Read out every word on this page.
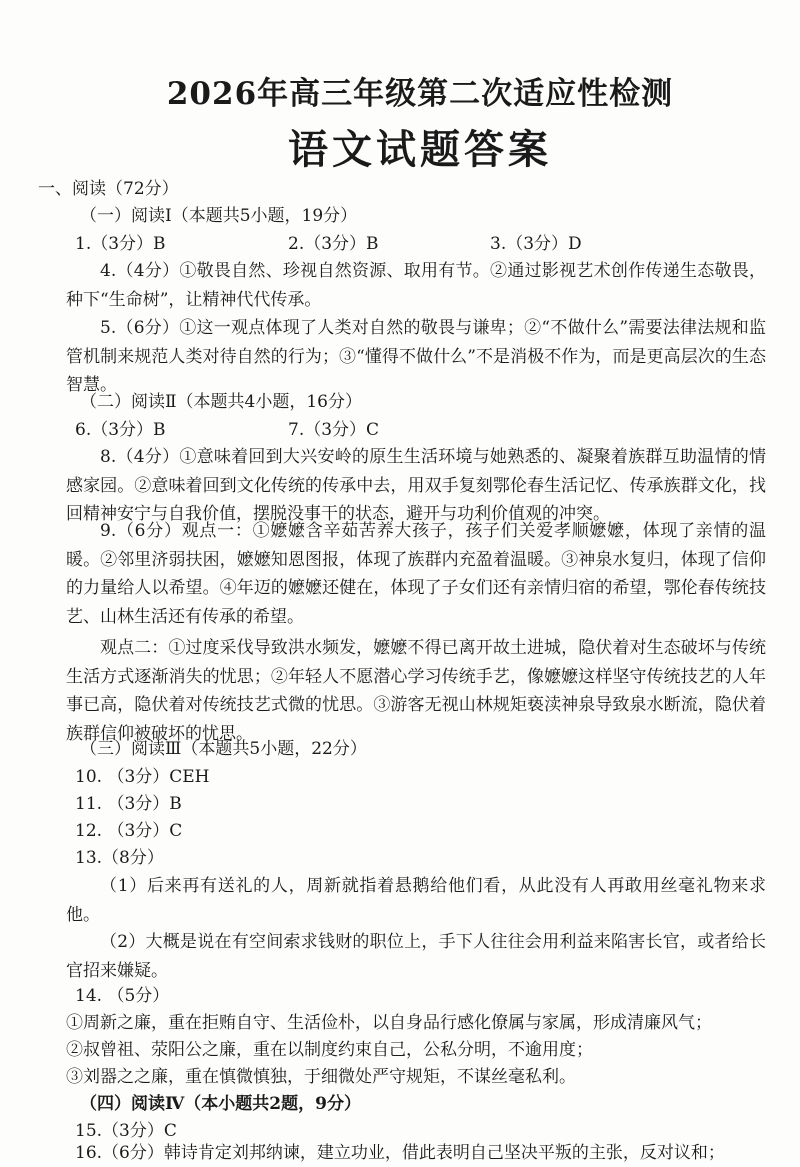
2026年高三年级第二次适应性检测
语文试题答案
一、阅读（72分）
（一）阅读Ⅰ（本题共5小题，19分）
1.（3分）B	2.（3分）B	3.（3分）D
4.（4分）①敬畏自然、珍视自然资源、取用有节。②通过影视艺术创作传递生态敬畏，种下“生命树”，让精神代代传承。
5.（6分）①这一观点体现了人类对自然的敬畏与谦卑；②“不做什么”需要法律法规和监管机制来规范人类对待自然的行为；③“懂得不做什么”不是消极不作为，而是更高层次的生态智慧。
（二）阅读Ⅱ（本题共4小题，16分）
6.（3分）B	7.（3分）C
8.（4分）①意味着回到大兴安岭的原生生活环境与她熟悉的、凝聚着族群互助温情的情感家园。②意味着回到文化传统的传承中去，用双手复刻鄂伦春生活记忆、传承族群文化，找回精神安宁与自我价值，摆脱没事干的状态，避开与功利价值观的冲突。
9.（6分）观点一：①嬷嬷含辛茹苦养大孩子，孩子们关爱孝顺嬷嬷，体现了亲情的温暖。②邻里济弱扶困，嬷嬷知恩图报，体现了族群内充盈着温暖。③神泉水复归，体现了信仰的力量给人以希望。④年迈的嬷嬷还健在，体现了子女们还有亲情归宿的希望，鄂伦春传统技艺、山林生活还有传承的希望。
观点二：①过度采伐导致洪水频发，嬷嬷不得已离开故土进城，隐伏着对生态破坏与传统生活方式逐渐消失的忧思；②年轻人不愿潜心学习传统手艺，像嬷嬷这样坚守传统技艺的人年事已高，隐伏着对传统技艺式微的忧思。③游客无视山林规矩亵渎神泉导致泉水断流，隐伏着族群信仰被破坏的忧思。
（三）阅读Ⅲ（本题共5小题，22分）
10. （3分）CEH
11. （3分）B
12. （3分）C
13.（8分）
（1）后来再有送礼的人，周新就指着悬鹅给他们看，从此没有人再敢用丝毫礼物来求他。
（2）大概是说在有空间索求钱财的职位上，手下人往往会用利益来陷害长官，或者给长官招来嫌疑。
14. （5分）
①周新之廉，重在拒贿自守、生活俭朴，以自身品行感化僚属与家属，形成清廉风气；
②叔曾祖、荥阳公之廉，重在以制度约束自己，公私分明，不逾用度；
③刘器之之廉，重在慎微慎独，于细微处严守规矩，不谋丝毫私利。
（四）阅读Ⅳ（本小题共2题，9分）
15.（3分）C
16.（6分）韩诗肯定刘邦纳谏，建立功业，借此表明自己坚决平叛的主张，反对议和；
